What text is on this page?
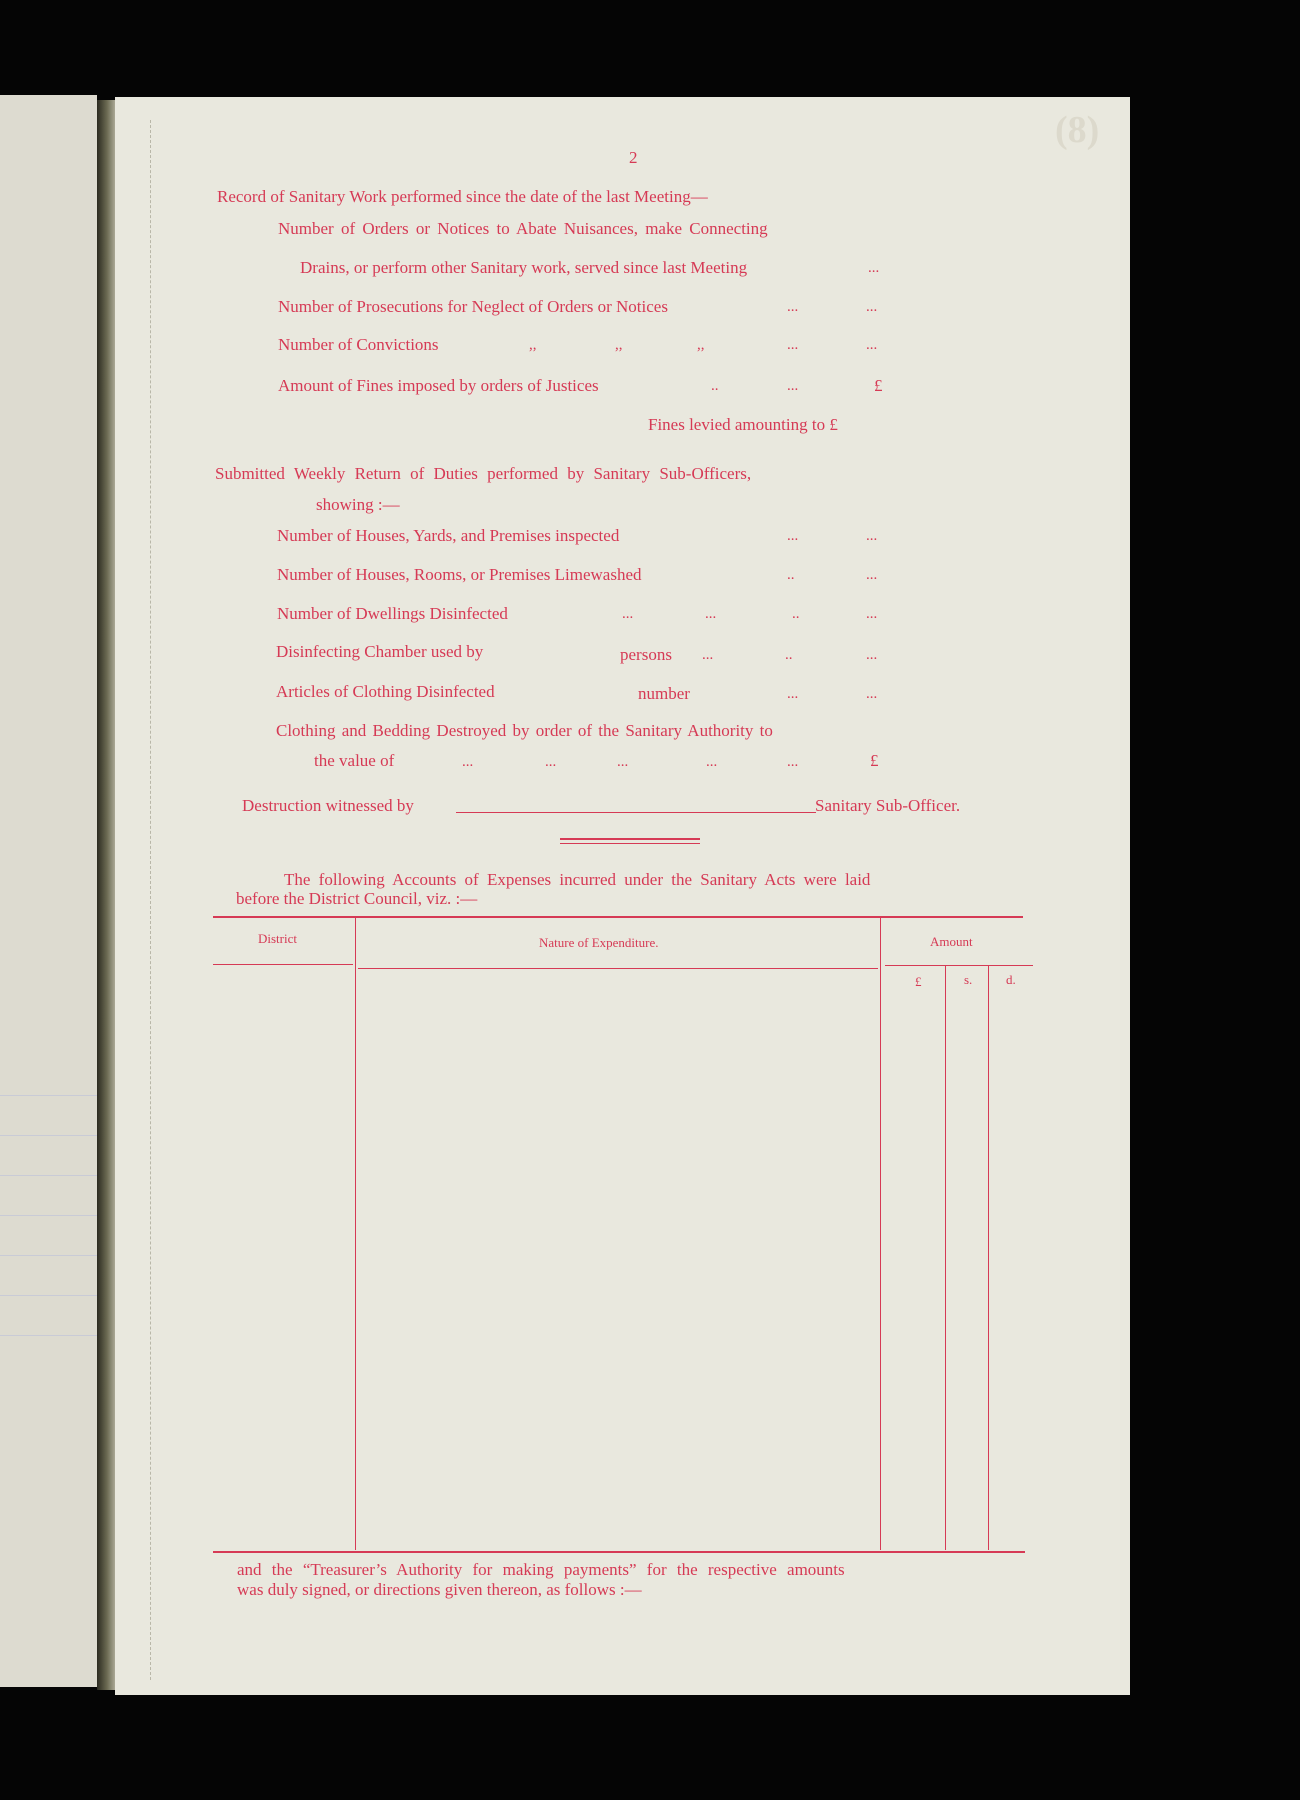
(8)
2
Record of Sanitary Work performed since the date of the last Meeting—
Number of Orders or Notices to Abate Nuisances, make Connecting
Drains, or perform other Sanitary work, served since last Meeting	...
Number of Prosecutions for Neglect of Orders or Notices	...	...
Number of Convictions	,,	,,	,,	...	...
Amount of Fines imposed by orders of Justices	..	...	£
Fines levied amounting to £
Submitted Weekly Return of Duties performed by Sanitary Sub-Officers,
showing :—
Number of Houses, Yards, and Premises inspected	...	...
Number of Houses, Rooms, or Premises Limewashed	..	...
Number of Dwellings Disinfected	...	...	..	...
Disinfecting Chamber used by	persons ...	..	...
Articles of Clothing Disinfected	number	...	...
Clothing and Bedding Destroyed by order of the Sanitary Authority to
the value of	...	...	...	...	...	£
Destruction witnessed by	Sanitary Sub-Officer.
The following Accounts of Expenses incurred under the Sanitary Acts were laid
before the District Council, viz. :—
District	Nature of Expenditure.	Amount
£	s.	d.
and the “Treasurer’s Authority for making payments” for the respective amounts
was duly signed, or directions given thereon, as follows :—
